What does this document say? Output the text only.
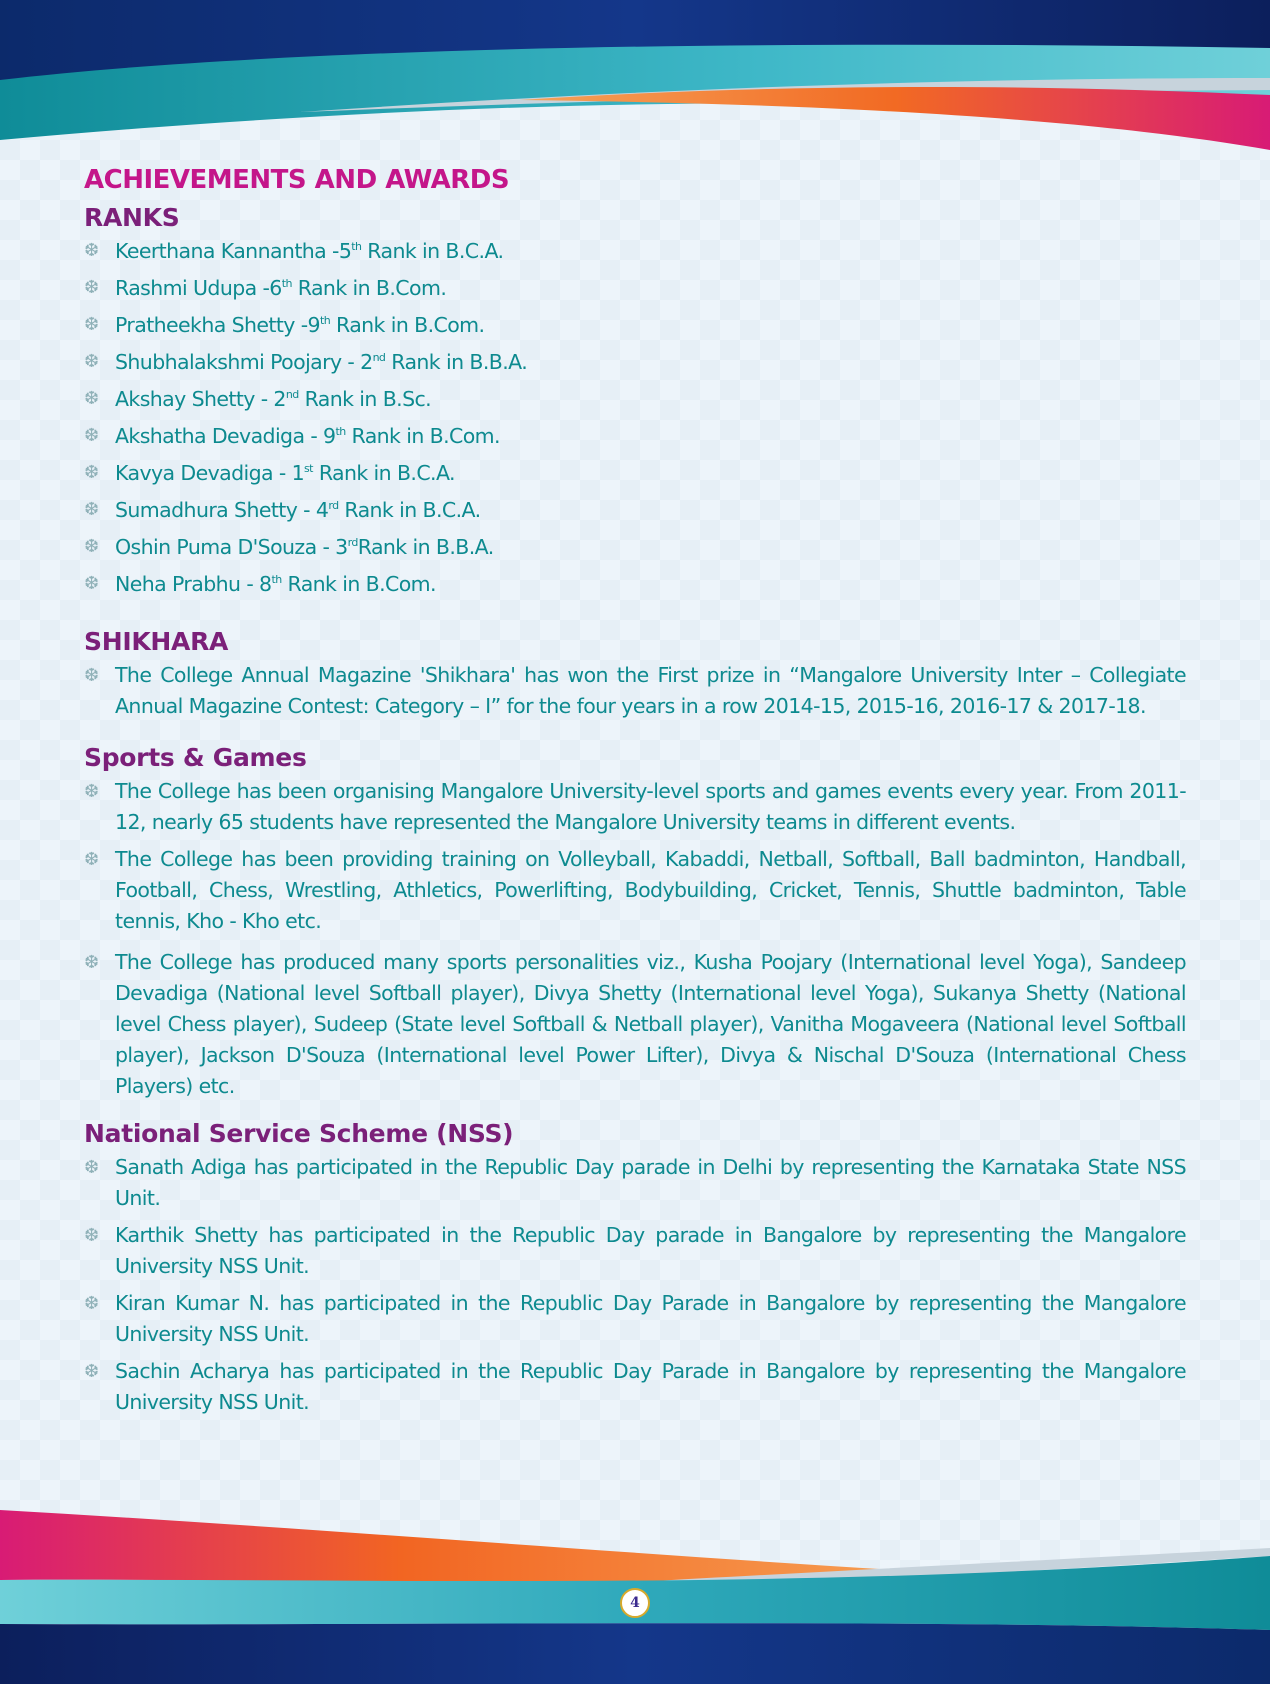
ACHIEVEMENTS AND AWARDS
RANKS
❆ Keerthana Kannantha -5th Rank in B.C.A.
❆ Rashmi Udupa -6th Rank in B.Com.
❆ Pratheekha Shetty -9th Rank in B.Com.
❆ Shubhalakshmi Poojary - 2nd Rank in B.B.A.
❆ Akshay Shetty - 2nd Rank in B.Sc.
❆ Akshatha Devadiga - 9th Rank in B.Com.
❆ Kavya Devadiga - 1st Rank in B.C.A.
❆ Sumadhura Shetty - 4rd Rank in B.C.A.
❆ Oshin Puma D'Souza - 3rdRank in B.B.A.
❆ Neha Prabhu - 8th Rank in B.Com.
SHIKHARA
❆ The College Annual Magazine 'Shikhara' has won the First prize in “Mangalore University Inter – Collegiate Annual Magazine Contest: Category – I” for the four years in a row 2014-15, 2015-16, 2016-17 & 2017-18.
Sports & Games
❆ The College has been organising Mangalore University-level sports and games events every year. From 2011-12, nearly 65 students have represented the Mangalore University teams in different events.
❆ The College has been providing training on Volleyball, Kabaddi, Netball, Softball, Ball badminton, Handball, Football, Chess, Wrestling, Athletics, Powerlifting, Bodybuilding, Cricket, Tennis, Shuttle badminton, Table tennis, Kho - Kho etc.
❆ The College has produced many sports personalities viz., Kusha Poojary (International level Yoga), Sandeep Devadiga (National level Softball player), Divya Shetty (International level Yoga), Sukanya Shetty (National level Chess player), Sudeep (State level Softball & Netball player), Vanitha Mogaveera (National level Softball player), Jackson D'Souza (International level Power Lifter), Divya & Nischal D'Souza (International Chess Players) etc.
National Service Scheme (NSS)
❆ Sanath Adiga has participated in the Republic Day parade in Delhi by representing the Karnataka State NSS Unit.
❆ Karthik Shetty has participated in the Republic Day parade in Bangalore by representing the Mangalore University NSS Unit.
❆ Kiran Kumar N. has participated in the Republic Day Parade in Bangalore by representing the Mangalore University NSS Unit.
❆ Sachin Acharya has participated in the Republic Day Parade in Bangalore by representing the Mangalore University NSS Unit.
4
